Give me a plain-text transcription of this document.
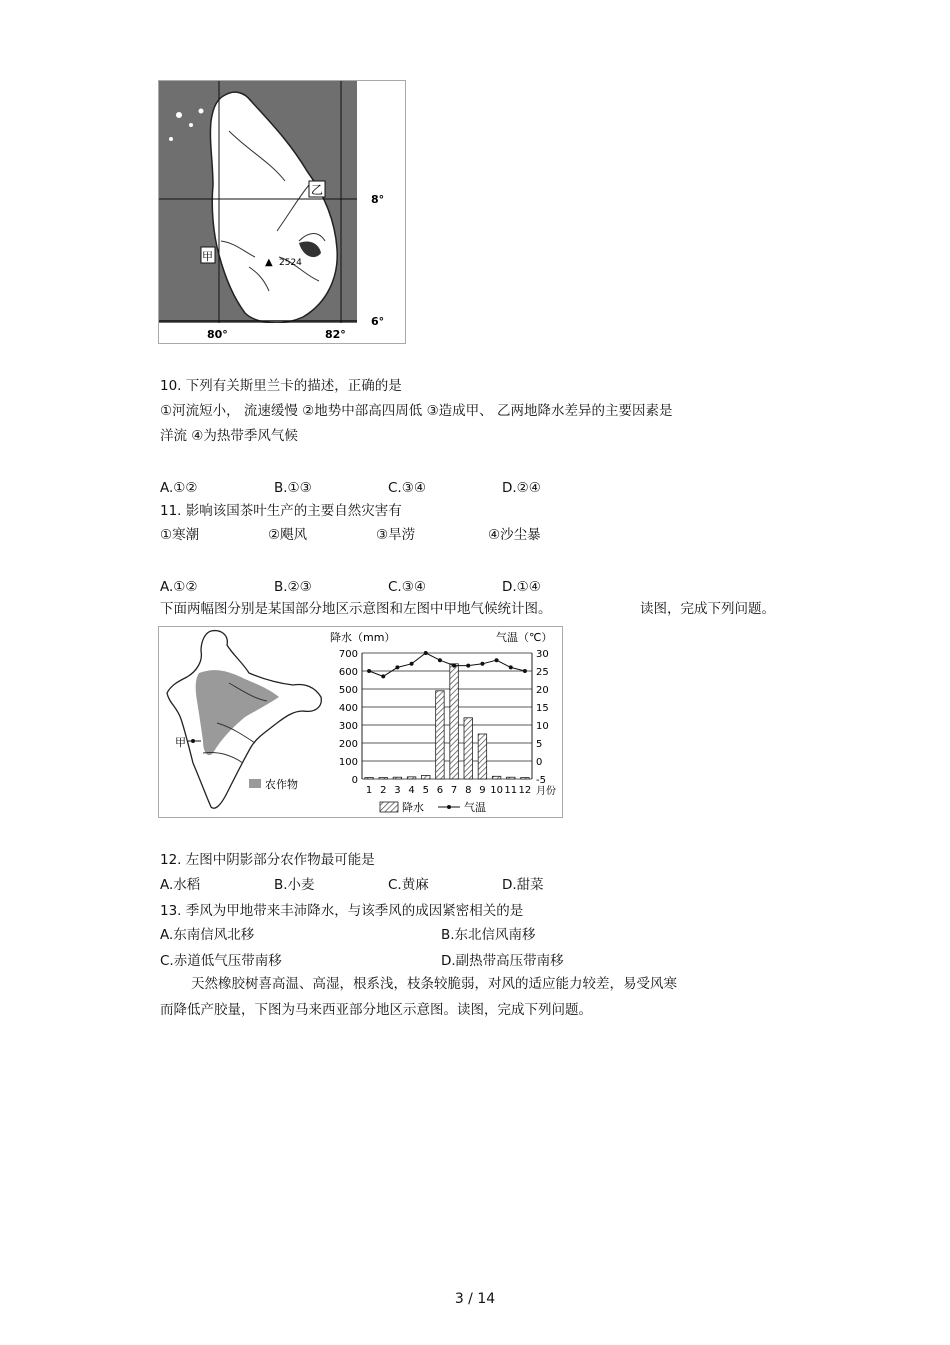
乙
甲	▲ 2524
8°
6°
80°	82°
10. 下列有关斯里兰卡的描述，正确的是
①河流短小， 流速缓慢 ②地势中部高四周低 ③造成甲、 乙两地降水差异的主要因素是
洋流 ④为热带季风气候
A.①②	B.①③	C.③④	D.②④
11. 影响该国茶叶生产的主要自然灾害有
①寒潮	②飓风	③旱涝	④沙尘暴
A.①②	B.②③	C.③④	D.①④
下面两幅图分别是某国部分地区示意图和左图中甲地气候统计图。	读图，完成下列问题。
甲
农作物
降水（mm）	气温（℃）
月份
0
100
200
300
400
500
600
700
-5
0
5
10
15
20
25
30
1 2 3 4 5 6 7 8 9 10 11 12
降水	气温
12. 左图中阴影部分农作物最可能是
A.水稻	B.小麦	C.黄麻	D.甜菜
13. 季风为甲地带来丰沛降水，与该季风的成因紧密相关的是
A.东南信风北移	B.东北信风南移
C.赤道低气压带南移	D.副热带高压带南移
天然橡胶树喜高温、高湿，根系浅，枝条较脆弱，对风的适应能力较差，易受风寒
而降低产胶量，下图为马来西亚部分地区示意图。读图，完成下列问题。
3 / 14
